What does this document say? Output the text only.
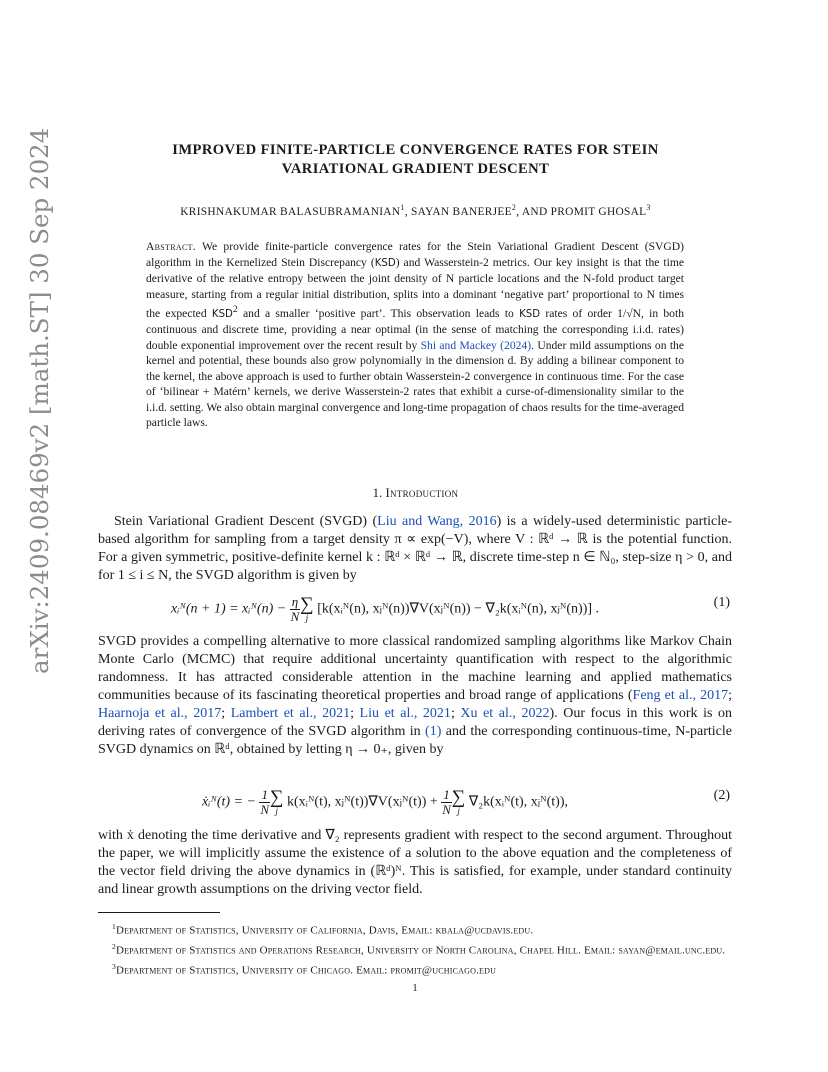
arXiv:2409.08469v2 [math.ST] 30 Sep 2024	IMPROVED FINITE-PARTICLE CONVERGENCE RATES FOR STEIN
VARIATIONAL GRADIENT DESCENT
KRISHNAKUMAR BALASUBRAMANIAN$^1$, SAYAN BANERJEE$^2$, AND PROMIT GHOSAL$^3$
Abstract. We provide finite-particle convergence rates for the Stein Variational Gradient Descent (SVGD) algorithm in the Kernelized Stein Discrepancy (KSD) and Wasserstein-2 metrics. Our key insight is that the time derivative of the relative entropy between the joint density of N particle locations and the N-fold product target measure, starting from a regular initial distribution, splits into a dominant ‘negative part’ proportional to N times the expected KSD$^2$ and a smaller ‘positive part’. This observation leads to KSD rates of order 1/√N, in both continuous and discrete time, providing a near optimal (in the sense of matching the corresponding i.i.d. rates) double exponential improvement over the recent result by Shi and Mackey (2024). Under mild assumptions on the kernel and potential, these bounds also grow polynomially in the dimension d. By adding a bilinear component to the kernel, the above approach is used to further obtain Wasserstein-2 convergence in continuous time. For the case of ‘bilinear + Matérn’ kernels, we derive Wasserstein-2 rates that exhibit a curse-of-dimensionality similar to the i.i.d. setting. We also obtain marginal convergence and long-time propagation of chaos results for the time-averaged particle laws.
1. Introduction
Stein Variational Gradient Descent (SVGD) (Liu and Wang, 2016) is a widely-used deterministic particle-based algorithm for sampling from a target density π ∝ exp(−V), where V : ℝᵈ → ℝ is the potential function. For a given symmetric, positive-definite kernel k : ℝᵈ × ℝᵈ → ℝ, discrete time-step n ∈ ℕ₀, step-size η > 0, and for 1 ≤ i ≤ N, the SVGD algorithm is given by
xᵢᴺ(n + 1) = xᵢᴺ(n) − $\frac{\eta}{N}$ ∑
j
[k(xᵢᴺ(n), xⱼᴺ(n))∇V(xⱼᴺ(n)) − ∇₂k(xᵢᴺ(n), xⱼᴺ(n))] .	(1)
SVGD provides a compelling alternative to more classical randomized sampling algorithms like Markov Chain Monte Carlo (MCMC) that require additional uncertainty quantification with respect to the algorithmic randomness. It has attracted considerable attention in the machine learning and applied mathematics communities because of its fascinating theoretical properties and broad range of applications (Feng et al., 2017; Haarnoja et al., 2017; Lambert et al., 2021; Liu et al., 2021; Xu et al., 2022). Our focus in this work is on deriving rates of convergence of the SVGD algorithm in (1) and the corresponding continuous-time, N-particle SVGD dynamics on ℝᵈ, obtained by letting η → 0₊, given by
ẋᵢᴺ(t) = − $\frac{1}{N}$ ∑
j
k(xᵢᴺ(t), xⱼᴺ(t))∇V(xⱼᴺ(t)) + $\frac{1}{N}$ ∑
j
∇₂k(xᵢᴺ(t), xⱼᴺ(t)),	(2)
with ẋ denoting the time derivative and ∇₂ represents gradient with respect to the second argument. Throughout the paper, we will implicitly assume the existence of a solution to the above equation and the completeness of the vector field driving the above dynamics in (ℝᵈ)ᴺ. This is satisfied, for example, under standard continuity and linear growth assumptions on the driving vector field.

$^1$Department of Statistics, University of California, Davis, Email: kbala@ucdavis.edu.

$^2$Department of Statistics and Operations Research, University of North Carolina, Chapel Hill. Email: sayan@email.unc.edu.

$^3$Department of Statistics, University of Chicago. Email: promit@uchicago.edu

1
